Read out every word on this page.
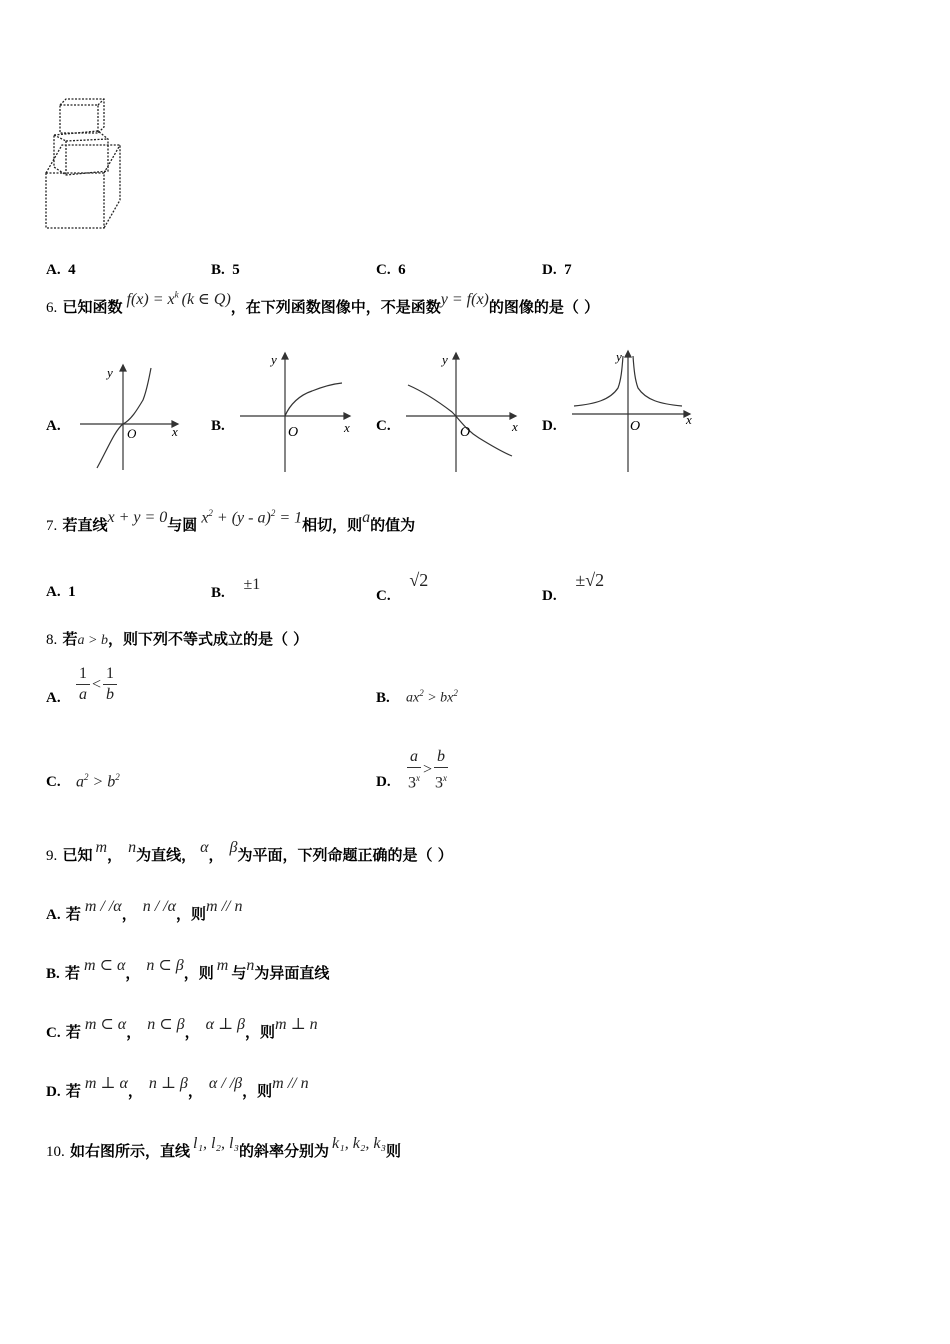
A.
4	B.
5	C.
6	D.
7
6.
已知函数 $f(x) = x^k$ (k ∈ Q) ，在下列函数图像中，不是函数 y = f(x) 的图像的是（ ）
A.
y
O	x B.
y
O	x C.
y
O	x D.
y
O	x
7.
若直线 x + y = 0 与圆 $x^2 + (y - a)^2 = 1$ 相切，则 a 的值为
A.
1	B.
±1
C.

√2
D.

±√2
8.
若 a > b ，则下列不等式成立的是（ ）
A. $\frac{1}{a} < \frac{1}{b}$	B. $ax^2 > bx^2$
C. $a^2 > b^2$	D. $\frac{a}{3^x} > \frac{b}{3^x}$
9.
已知 m ， n 为直线， α ， β 为平面，下列命题正确的是（ ）
A.
若 m / /α ， n / /α ，则 m // n
B.
若 m ⊂ α ， n ⊂ β ，则 m 与 n 为异面直线
C.
若 m ⊂ α ， n ⊂ β ， α ⊥ β ，则 m ⊥ n
D.
若 m ⊥ α ， n ⊥ β ， α / /β ，则 m // n
10.
如右图所示，直线 l₁, l₂, l₃ 的斜率分别为 k₁, k₂, k₃ 则
